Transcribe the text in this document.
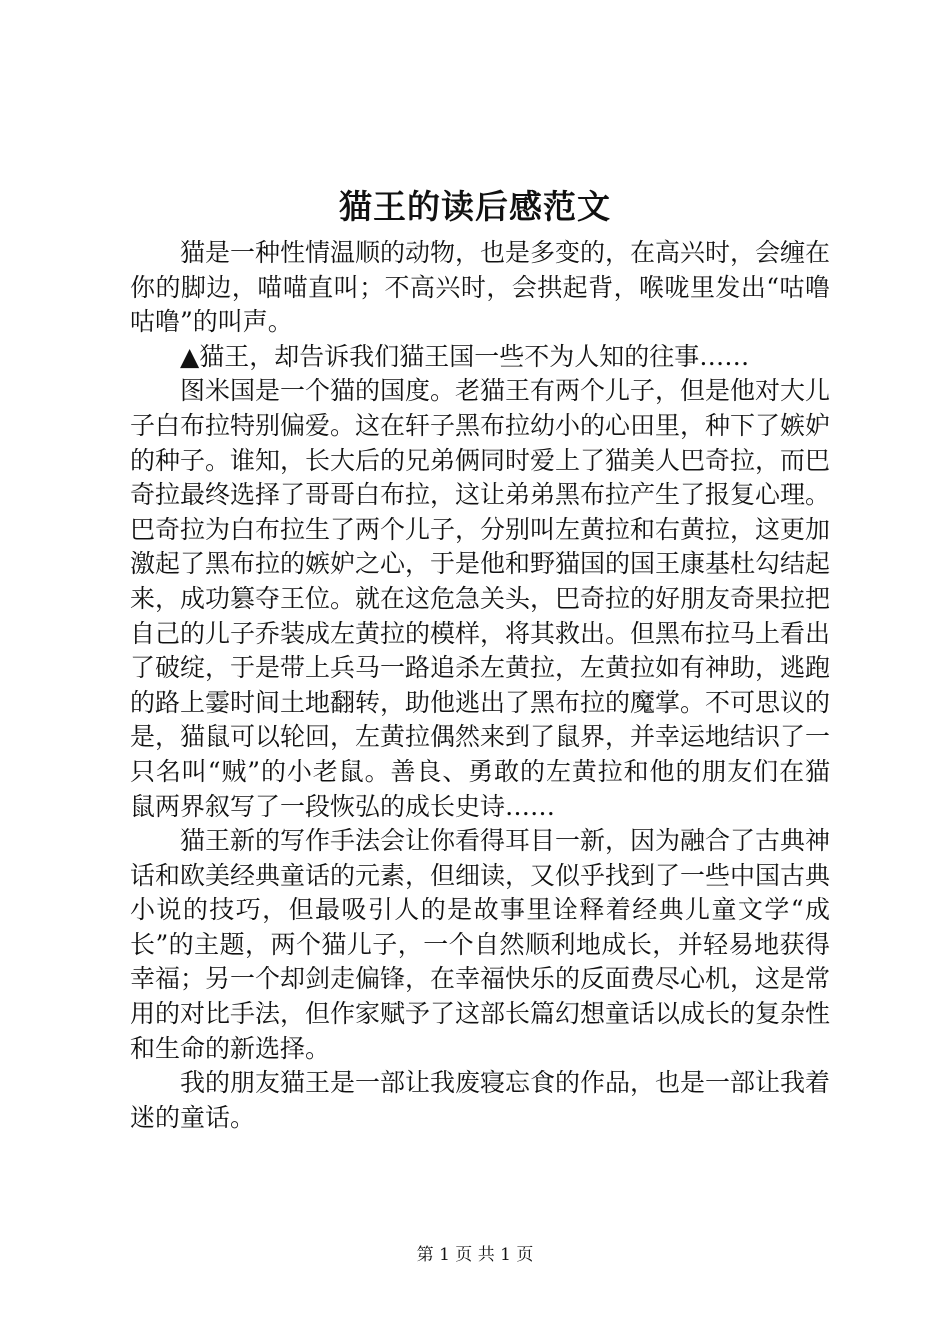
猫王的读后感范文

猫是一种性情温顺的动物，也是多变的，在高兴时，会缠在你的脚边，喵喵直叫；不高兴时，会拱起背，喉咙里发出“咕噜咕噜”的叫声。

▲猫王，却告诉我们猫王国一些不为人知的往事……

图米国是一个猫的国度。老猫王有两个儿子，但是他对大儿子白布拉特别偏爱。这在轩子黑布拉幼小的心田里，种下了嫉妒的种子。谁知，长大后的兄弟俩同时爱上了猫美人巴奇拉，而巴奇拉最终选择了哥哥白布拉，这让弟弟黑布拉产生了报复心理。巴奇拉为白布拉生了两个儿子，分别叫左黄拉和右黄拉，这更加激起了黑布拉的嫉妒之心，于是他和野猫国的国王康基杜勾结起来，成功篡夺王位。就在这危急关头，巴奇拉的好朋友奇果拉把自己的儿子乔装成左黄拉的模样，将其救出。但黑布拉马上看出了破绽，于是带上兵马一路追杀左黄拉，左黄拉如有神助，逃跑的路上霎时间土地翻转，助他逃出了黑布拉的魔掌。不可思议的是，猫鼠可以轮回，左黄拉偶然来到了鼠界，并幸运地结识了一只名叫“贼”的小老鼠。善良、勇敢的左黄拉和他的朋友们在猫鼠两界叙写了一段恢弘的成长史诗……

猫王新的写作手法会让你看得耳目一新，因为融合了古典神话和欧美经典童话的元素，但细读，又似乎找到了一些中国古典小说的技巧，但最吸引人的是故事里诠释着经典儿童文学“成长”的主题，两个猫儿子，一个自然顺利地成长，并轻易地获得幸福；另一个却剑走偏锋，在幸福快乐的反面费尽心机，这是常用的对比手法，但作家赋予了这部长篇幻想童话以成长的复杂性和生命的新选择。

我的朋友猫王是一部让我废寝忘食的作品，也是一部让我着迷的童话。

第 1 页 共 1 页
